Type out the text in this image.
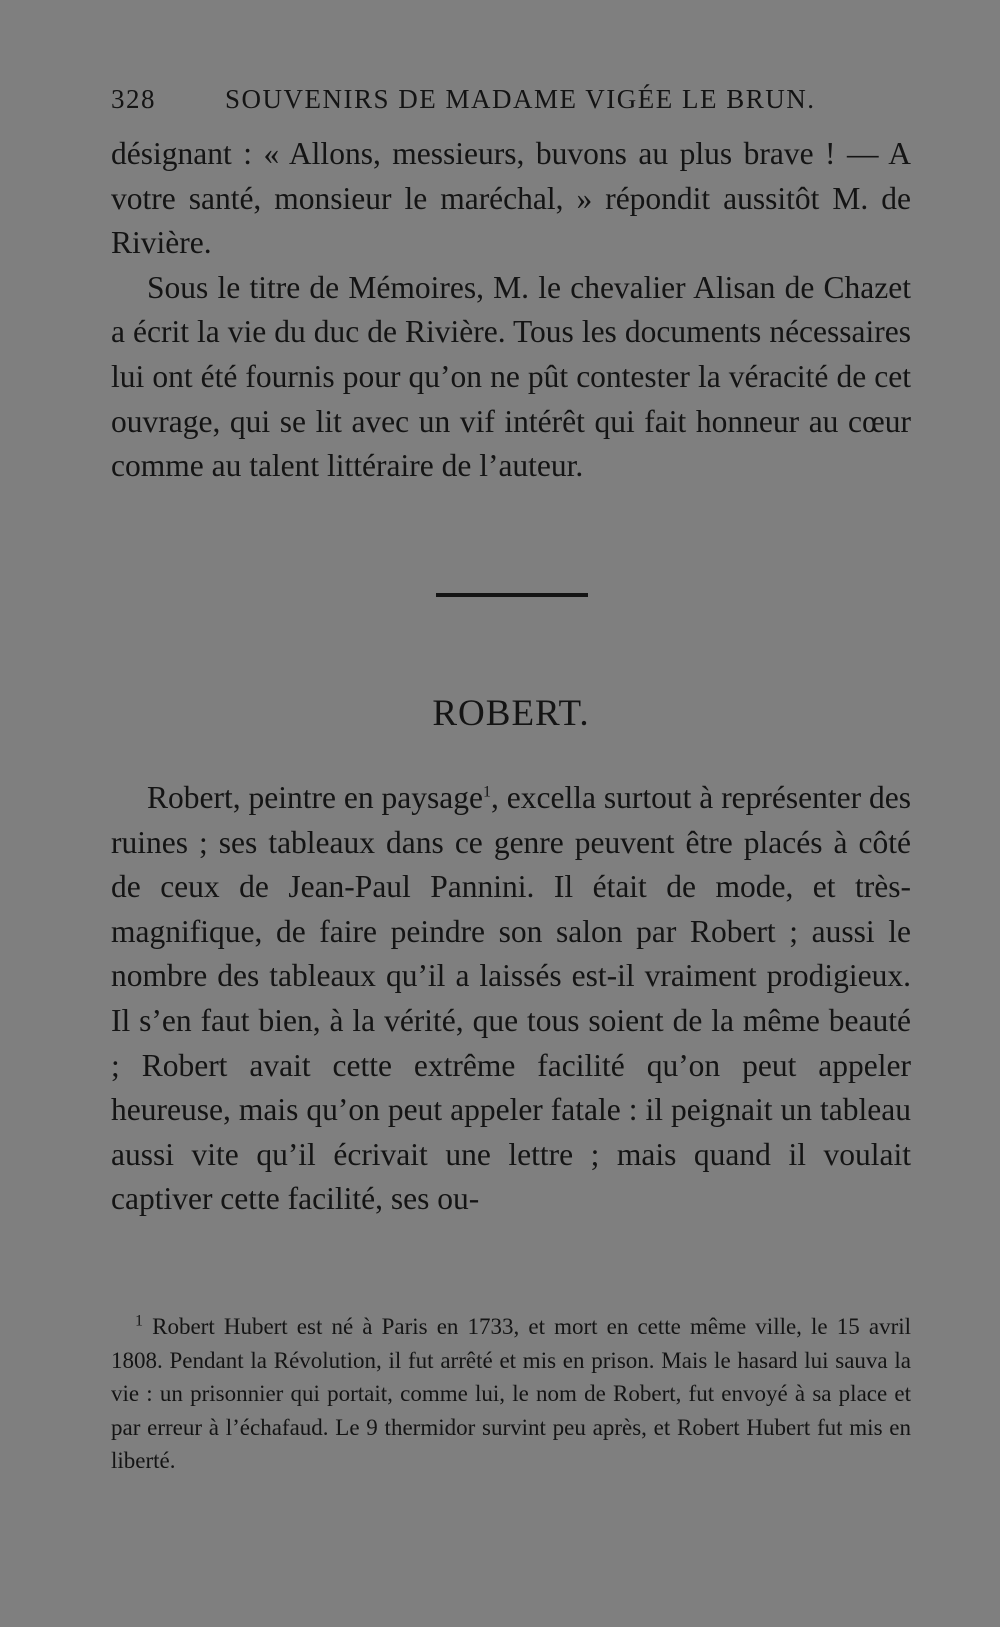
328	SOUVENIRS DE MADAME VIGÉE LE BRUN.

désignant : « Allons, messieurs, buvons au plus brave ! — A votre santé, monsieur le maréchal, » répondit aussitôt M. de Rivière.

Sous le titre de Mémoires, M. le chevalier Alisan de Chazet a écrit la vie du duc de Rivière. Tous les documents nécessaires lui ont été fournis pour qu’on ne pût contester la véracité de cet ouvrage, qui se lit avec un vif intérêt qui fait honneur au cœur comme au talent littéraire de l’auteur.

ROBERT.

Robert, peintre en paysage$^1$, excella surtout à représenter des ruines ; ses tableaux dans ce genre peuvent être placés à côté de ceux de Jean-Paul Pannini. Il était de mode, et très-magnifique, de faire peindre son salon par Robert ; aussi le nombre des tableaux qu’il a laissés est-il vraiment prodigieux. Il s’en faut bien, à la vérité, que tous soient de la même beauté ; Robert avait cette extrême facilité qu’on peut appeler heureuse, mais qu’on peut appeler fatale : il peignait un tableau aussi vite qu’il écrivait une lettre ; mais quand il voulait captiver cette facilité, ses ou-

$^1$ Robert Hubert est né à Paris en 1733, et mort en cette même ville, le 15 avril 1808. Pendant la Révolution, il fut arrêté et mis en prison. Mais le hasard lui sauva la vie : un prisonnier qui portait, comme lui, le nom de Robert, fut envoyé à sa place et par erreur à l’échafaud. Le 9 thermidor survint peu après, et Robert Hubert fut mis en liberté.
